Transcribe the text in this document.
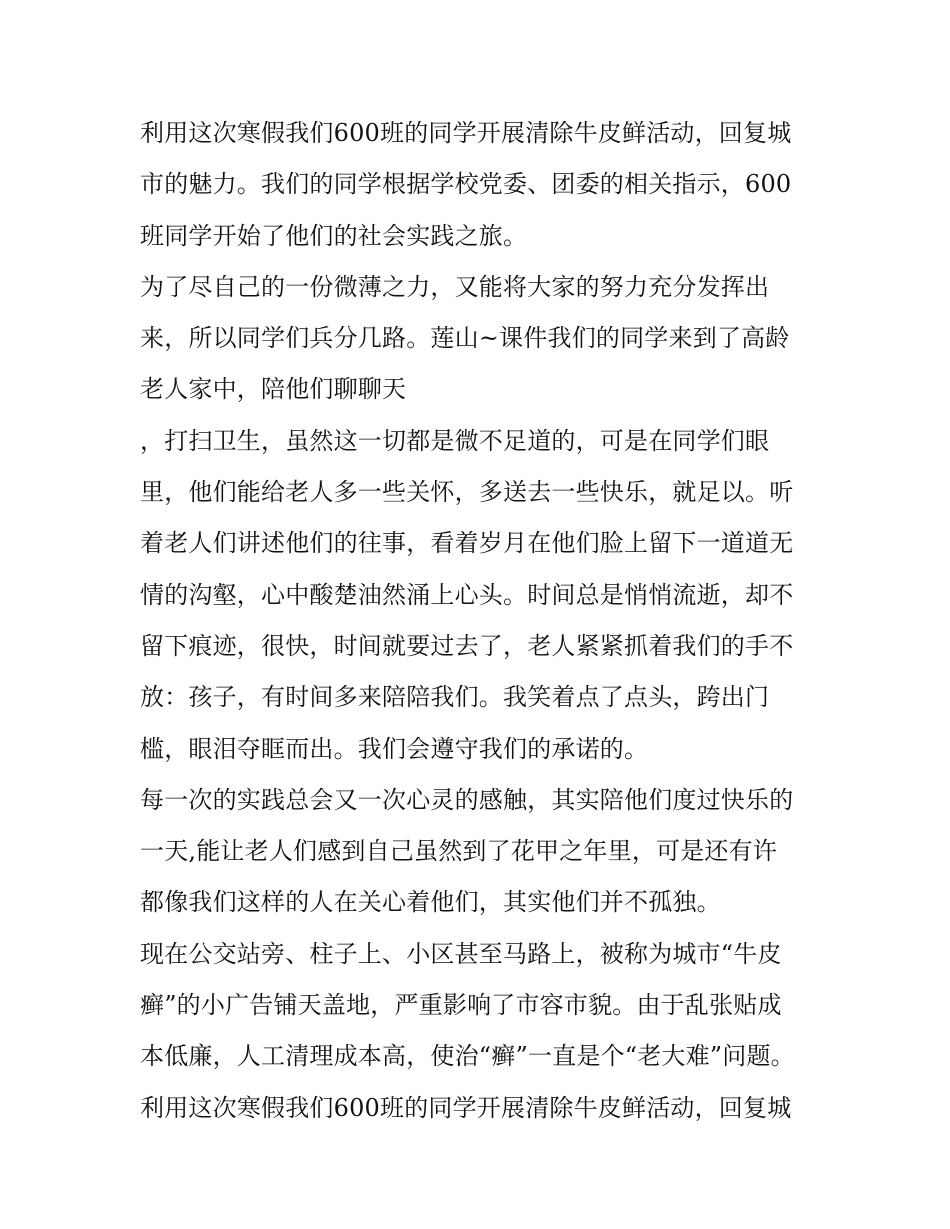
利用这次寒假我们600班的同学开展清除牛皮鲜活动，回复城
市的魅力。我们的同学根据学校党委、团委的相关指示，600
班同学开始了他们的社会实践之旅。
为了尽自己的一份微薄之力，又能将大家的努力充分发挥出
来，所以同学们兵分几路。莲山~课件我们的同学来到了高龄
老人家中，陪他们聊聊天
，打扫卫生，虽然这一切都是微不足道的，可是在同学们眼
里，他们能给老人多一些关怀，多送去一些快乐，就足以。听
着老人们讲述他们的往事，看着岁月在他们脸上留下一道道无
情的沟壑，心中酸楚油然涌上心头。时间总是悄悄流逝，却不
留下痕迹，很快，时间就要过去了，老人紧紧抓着我们的手不
放：孩子，有时间多来陪陪我们。我笑着点了点头，跨出门
槛，眼泪夺眶而出。我们会遵守我们的承诺的。
每一次的实践总会又一次心灵的感触，其实陪他们度过快乐的
一天,能让老人们感到自己虽然到了花甲之年里，可是还有许
都像我们这样的人在关心着他们，其实他们并不孤独。
现在公交站旁、柱子上、小区甚至马路上，被称为城市“牛皮
癣”的小广告铺天盖地，严重影响了市容市貌。由于乱张贴成
本低廉，人工清理成本高，使治“癣”一直是个“老大难”问题。
利用这次寒假我们600班的同学开展清除牛皮鲜活动，回复城
